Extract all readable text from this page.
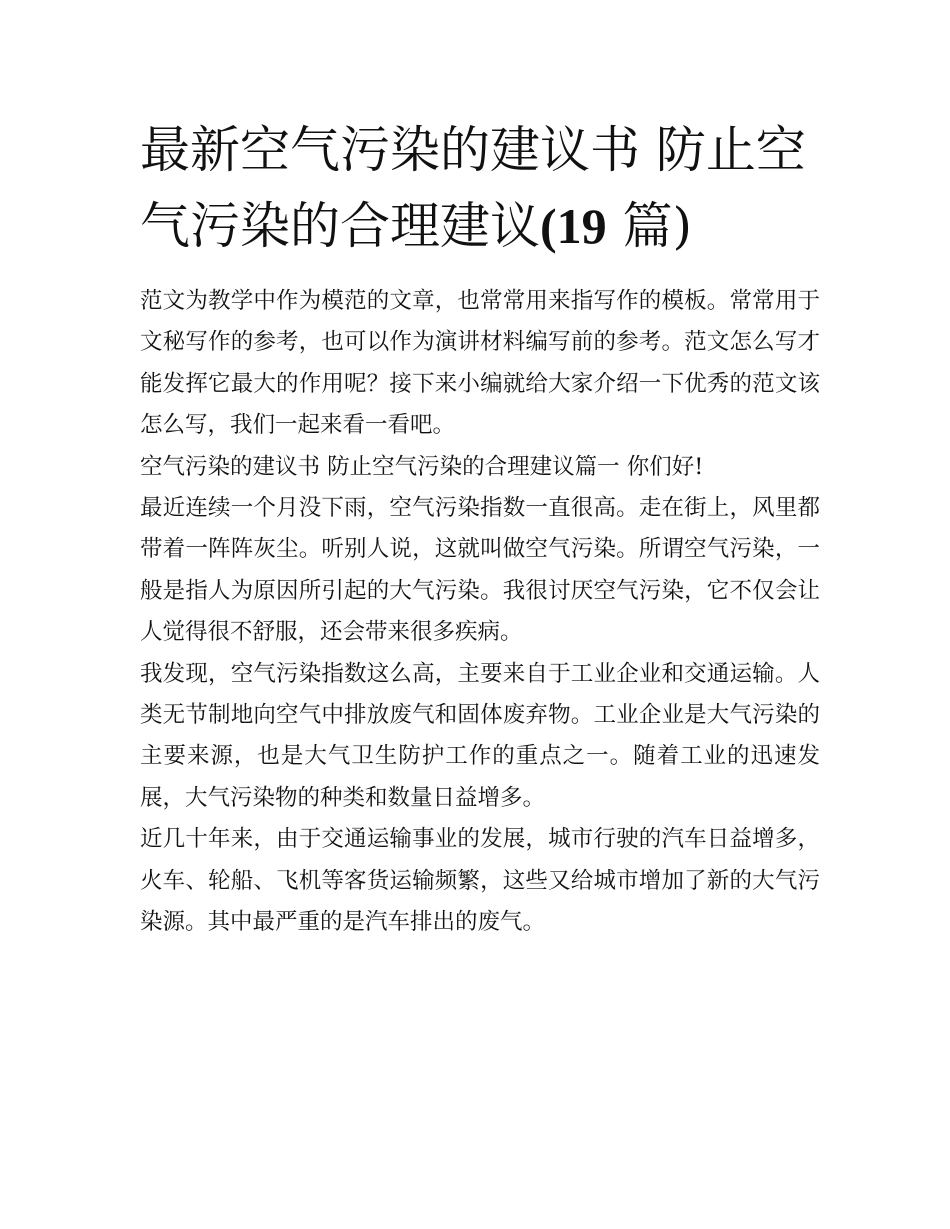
最新空气污染的建议书 防止空气污染的合理建议(19 篇)

范文为教学中作为模范的文章，也常常用来指写作的模板。常常用于文秘写作的参考，也可以作为演讲材料编写前的参考。范文怎么写才能发挥它最大的作用呢？接下来小编就给大家介绍一下优秀的范文该怎么写，我们一起来看一看吧。

空气污染的建议书 防止空气污染的合理建议篇一 你们好!

最近连续一个月没下雨，空气污染指数一直很高。走在街上，风里都带着一阵阵灰尘。听别人说，这就叫做空气污染。所谓空气污染，一般是指人为原因所引起的大气污染。我很讨厌空气污染，它不仅会让人觉得很不舒服，还会带来很多疾病。

我发现，空气污染指数这么高，主要来自于工业企业和交通运输。人类无节制地向空气中排放废气和固体废弃物。工业企业是大气污染的主要来源，也是大气卫生防护工作的重点之一。随着工业的迅速发展，大气污染物的种类和数量日益增多。

近几十年来，由于交通运输事业的发展，城市行驶的汽车日益增多，火车、轮船、飞机等客货运输频繁，这些又给城市增加了新的大气污染源。其中最严重的是汽车排出的废气。
